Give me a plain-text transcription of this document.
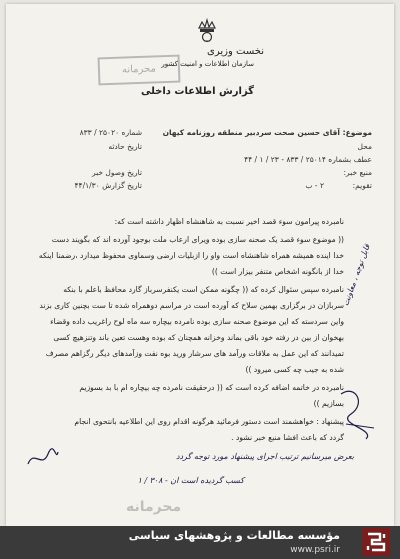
محرمانه
نخست وزیری
سازمان اطلاعات و امنیت کشور
گزارش اطلاعات داخلی
موضوع: آقای حسین صحت سردبیر منطقه روزنامه کیهان
محل
عطف بشماره ۲۵۰۱۴ / ۸۳۳ - ۲۳ / ۱ / ۴۴
منبع خبر:
تقویم:
۲ - ب
شماره ۲۵۰۲۰ / ۸۳۳
تاریخ حادثه
تاریخ وصول خبر
تاریخ گزارش ۴۴/۱/۳۰
نامبرده پیرامون سوء قصد اخیر نسبت به شاهنشاه اظهار داشته است که:
(( موضوع سوء قصد یک صحنه سازی بوده ویرای ارعاب ملت بوجود آورده اند که بگویند دست
خدا اینده همیشه همراه شاهنشاه است واو را ازبلیات ارضی وسماوی محفوظ میدارد ،رضمنا اینکه
خدا از بانگونه اشخاص متنفر بیزار است ))
نامبرده سپس سئوال کرده که (( چگونه ممکن است یکنفرسرباز گارد محافظ باعلم با بنکه
سربازان در برگزاری بهمین سلاح که آورده است در مراسم دوهمراه شده تا ست بچنین کاری بزند
واین سردسته که این موضوع صحنه سازی بوده نامرده بیچاره سه ماه لوح راغریب داده وقضاء
بهخوان از بین در رفته خود باقی بماند وخزانه همچنان که بوده وهست تعین باند وتنزهیچ کسی
تمیدانند که این عمل به ملاقات ورآمد های سرشار ورید بوه نفت وزآمدهای دیگر رگزاهم مصرف
شده به جیب چه کسی میرود ))
نامبرده در خاتمه اضافه کرده است که (( درحقیقت نامرده چه بیچاره ام با بد بسوزیم
بسازیم ))
پیشنهاد : خواهشمند است دستور فرمائید هرگونه اقدام روی این اطلاعیه بانتحوی انجام
گردد که باعث افشا منبع خبر نشود .
بعرض میرسانیم ترتیب اجرای پیشنهاد مورد توجه گردد
کسب گردیده است ان - ۳۰۸ / ۱
قابل توجه ، معاونت
محرمانه
مؤسسه مطالعات و پژوهشهای سیاسی
www.psri.ir
